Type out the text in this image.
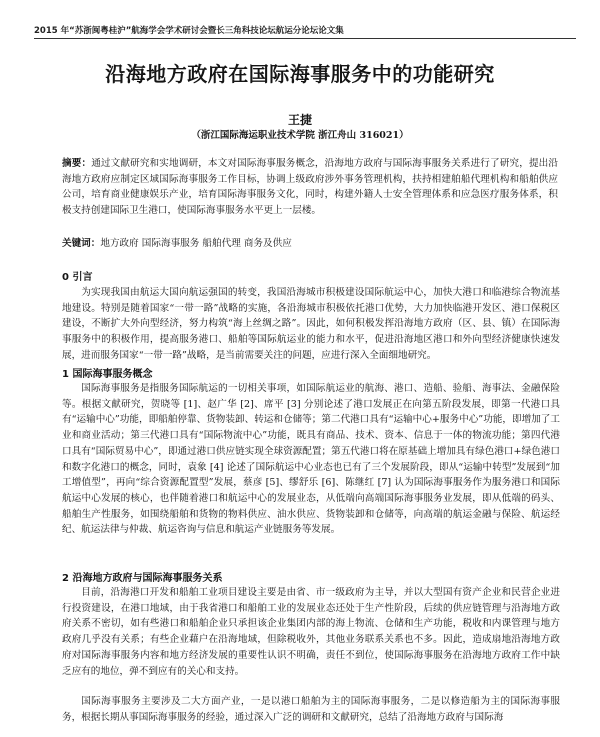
2015 年“苏浙闽粤桂沪”航海学会学术研讨会暨长三角科技论坛航运分论坛论文集
沿海地方政府在国际海事服务中的功能研究
王捷
（浙江国际海运职业技术学院 浙江舟山 316021）
摘要：通过文献研究和实地调研，本文对国际海事服务概念，沿海地方政府与国际海事服务关系进行了研究，提出沿海地方政府应制定区域国际海事服务工作目标，协调上级政府涉外事务管理机构，扶持相建舶船代理机构和船舶供应公司，培育商业健康娱乐产业，培育国际海事服务文化，同时，构建外籍人士安全管理体系和应急医疗服务体系，积极支持创建国际卫生港口，使国际海事服务水平更上一层楼。
关键词：地方政府 国际海事服务 船舶代理 商务及供应
0 引言
为实现我国由航运大国向航运强国的转变，我国沿海城市积极建设国际航运中心，加快大港口和临港综合物流基地建设。特别是随着国家“一带一路”战略的实施，各沿海城市积极依托港口优势，大力加快临港开发区、港口保税区建设，不断扩大外向型经济，努力构筑“海上丝绸之路”。因此，如何积极发挥沿海地方政府（区、县、镇）在国际海事服务中的积极作用，提高服务港口、船舶等国际航运业的能力和水平，促进沿海地区港口和外向型经济健康快速发展，进而服务国家“一带一路”战略，是当前需要关注的问题，应进行深入全面细地研究。
1 国际海事服务概念
国际海事服务是指服务国际航运的一切相关事项，如国际航运业的航海、港口、造船、验船、海事法、金融保险等。根据文献研究，贺晓等 [1]、赵广华 [2]、席平 [3] 分别论述了港口发展正在向第五阶段发展，即第一代港口具有“运输中心”功能，即船舶停靠、货物装卸、转运和仓储等；第二代港口具有“运输中心+服务中心”功能，即增加了工业和商业活动；第三代港口具有“国际物流中心”功能，既具有商品、技术、资本、信息于一体的物流功能；第四代港口具有“国际贸易中心”，即通过港口供应链实现全球资源配置；第五代港口将在原基础上增加具有绿色港口+绿色港口和数字化港口的概念，同时，袁象 [4] 论述了国际航运中心业态也已有了三个发展阶段，即从“运输中转型”发展到“加工增值型”，再向“综合资源配置型”发展，蔡彦 [5]、缪舒乐 [6]、陈继红 [7] 认为国际海事服务作为服务港口和国际航运中心发展的核心，也伴随着港口和航运中心的发展业态，从低端向高端国际海事服务业发展，即从低端的码头、船舶生产性服务，如围绕船舶和货物的物料供应、油水供应、货物装卸和仓储等，向高端的航运金融与保险、航运经纪、航运法律与仲裁、航运咨询与信息和航运产业链服务等发展。
2 沿海地方政府与国际海事服务关系
目前，沿海港口开发和船舶工业项目建设主要是由省、市一级政府为主导，并以大型国有资产企业和民营企业进行投资建设，在港口地域，由于我省港口和船舶工业的发展业态还处于生产性阶段，后续的供应链管理与沿海地方政府关系不密切，如有些港口和船舶企业只承担该企业集团内部的海上物流、仓储和生产功能，税收和内课管理与地方政府几乎没有关系；有些企业藉户在沿海地域，但除税收外，其他业务联系关系也不多。因此，造成扇地沿海地方政府对国际海事服务内容和地方经济发展的重要性认识不明确，责任不到位，使国际海事服务在沿海地方政府工作中缺乏应有的地位，弹不到应有的关心和支持。
国际海事服务主要涉及二大方面产业，一是以港口船舶为主的国际海事服务，二是以修造船为主的国际海事服务，根据长期从事国际海事服务的经验，通过深入广泛的调研和文献研究，总结了沿海地方政府与国际海
